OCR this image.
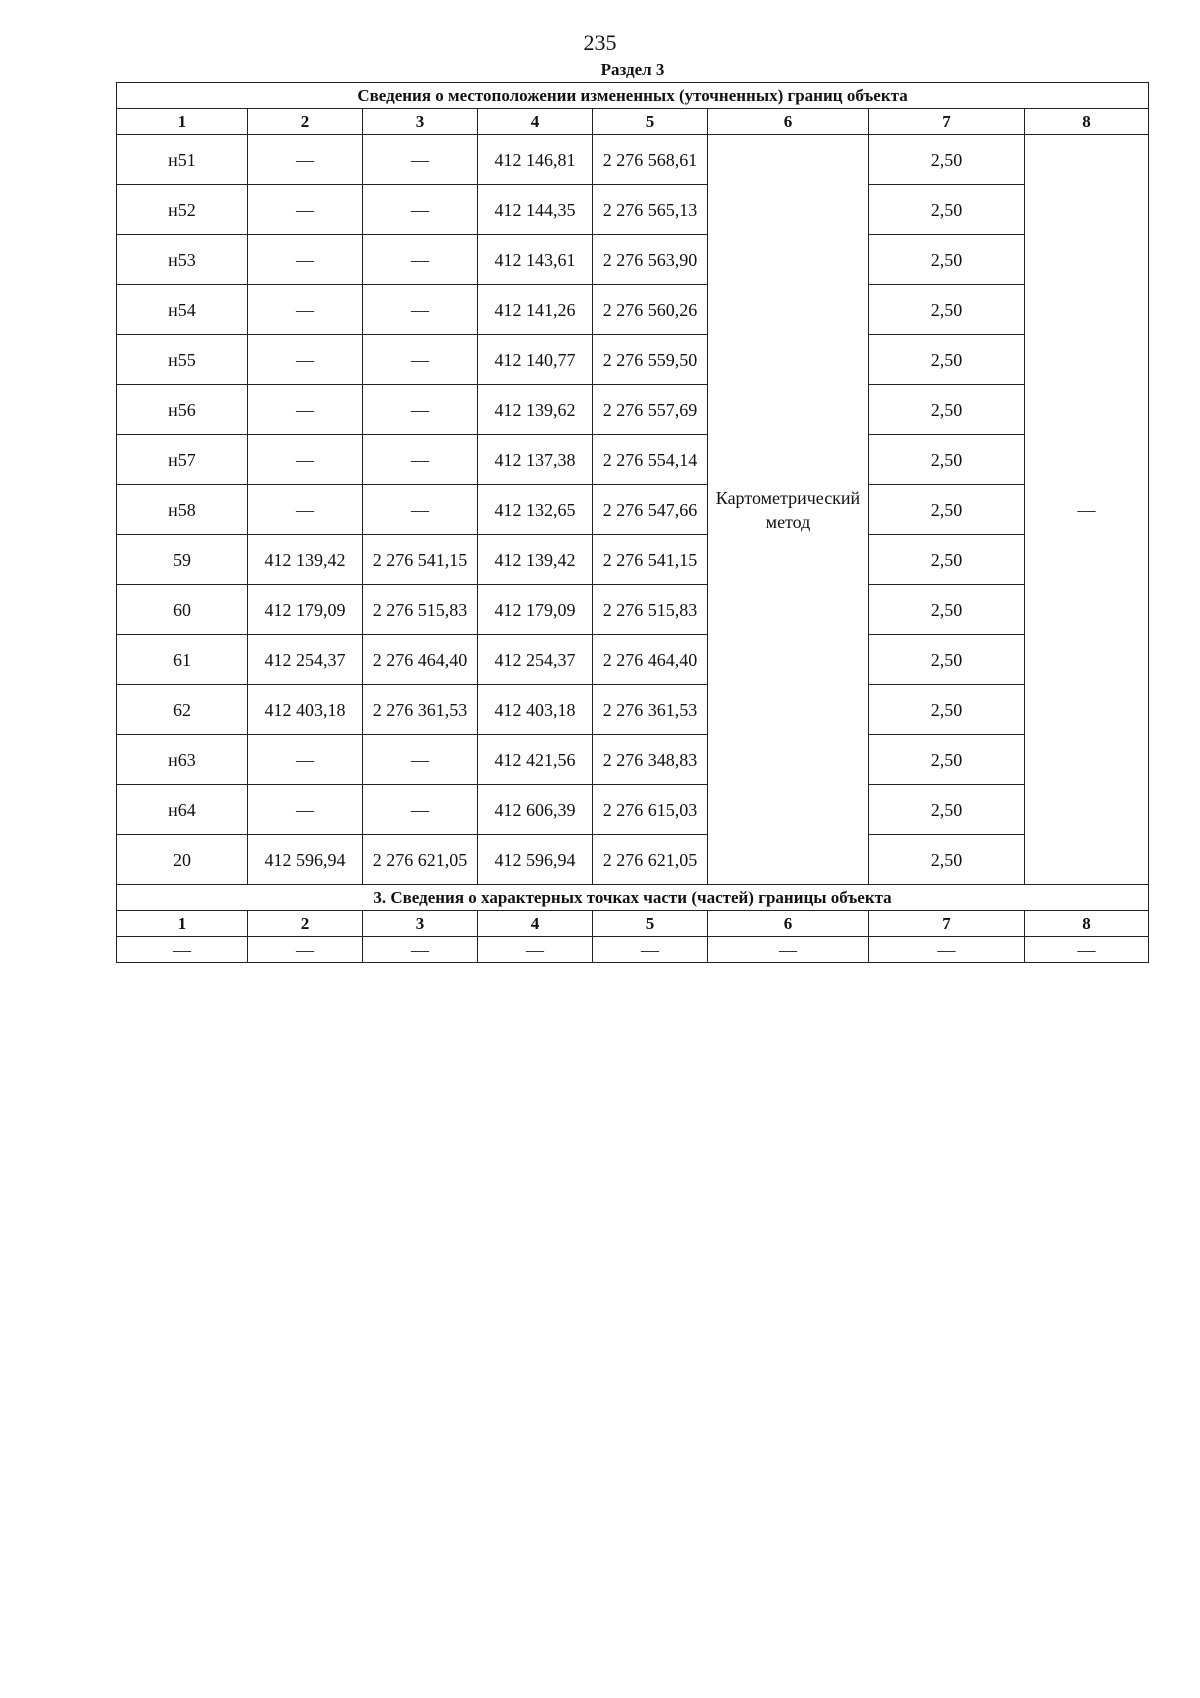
235
Раздел 3
Сведения о местоположении измененных (уточненных) границ объекта							
1	2	3	4	5	6	7	8
н51	—	—	412 146,81	2 276 568,61	Картометрический метод	2,50	—
н52	—	—	412 144,35	2 276 565,13		2,50	
н53	—	—	412 143,61	2 276 563,90		2,50	
н54	—	—	412 141,26	2 276 560,26		2,50	
н55	—	—	412 140,77	2 276 559,50		2,50	
н56	—	—	412 139,62	2 276 557,69		2,50	
н57	—	—	412 137,38	2 276 554,14		2,50	
н58	—	—	412 132,65	2 276 547,66		2,50	
59	412 139,42	2 276 541,15	412 139,42	2 276 541,15		2,50	
60	412 179,09	2 276 515,83	412 179,09	2 276 515,83		2,50	
61	412 254,37	2 276 464,40	412 254,37	2 276 464,40		2,50	
62	412 403,18	2 276 361,53	412 403,18	2 276 361,53		2,50	
н63	—	—	412 421,56	2 276 348,83		2,50	
н64	—	—	412 606,39	2 276 615,03		2,50	
20	412 596,94	2 276 621,05	412 596,94	2 276 621,05		2,50	
3. Сведения о характерных точках части (частей) границы объекта							
1	2	3	4	5	6	7	8
—	—	—	—	—	—	—	—
